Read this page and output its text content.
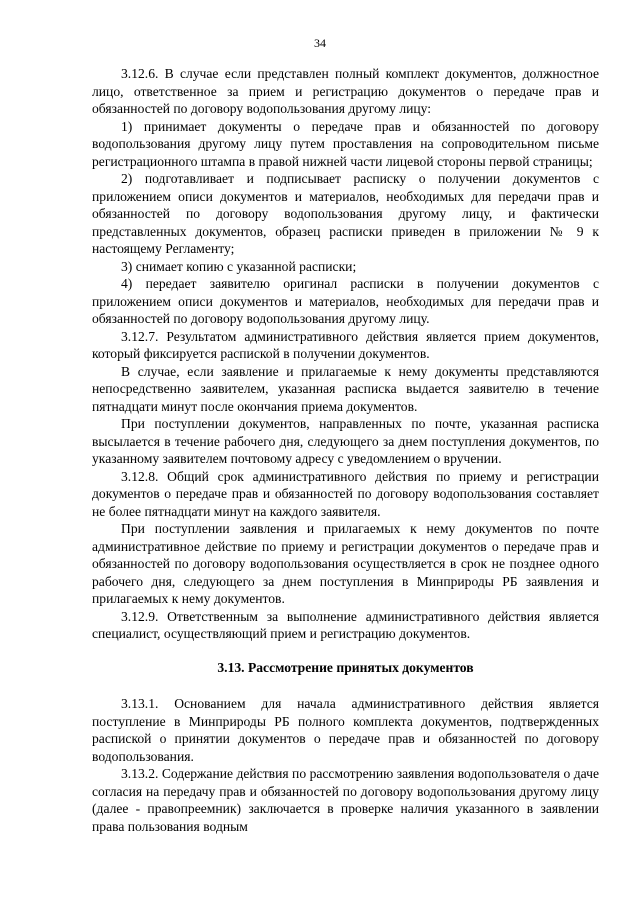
34

3.12.6. В случае если представлен полный комплект документов, должностное лицо, ответственное за прием и регистрацию документов о передаче прав и обязанностей по договору водопользования другому лицу:

1) принимает документы о передаче прав и обязанностей по договору водопользования другому лицу путем проставления на сопроводительном письме регистрационного штампа в правой нижней части лицевой стороны первой страницы;

2) подготавливает и подписывает расписку о получении документов с приложением описи документов и материалов, необходимых для передачи прав и обязанностей по договору водопользования другому лицу, и фактически представленных документов, образец расписки приведен в приложении № 9 к настоящему Регламенту;

3) снимает копию с указанной расписки;

4) передает заявителю оригинал расписки в получении документов с приложением описи документов и материалов, необходимых для передачи прав и обязанностей по договору водопользования другому лицу.

3.12.7. Результатом административного действия является прием документов, который фиксируется распиской в получении документов.

В случае, если заявление и прилагаемые к нему документы представляются непосредственно заявителем, указанная расписка выдается заявителю в течение пятнадцати минут после окончания приема документов.

При поступлении документов, направленных по почте, указанная расписка высылается в течение рабочего дня, следующего за днем поступления документов, по указанному заявителем почтовому адресу с уведомлением о вручении.

3.12.8. Общий срок административного действия по приему и регистрации документов о передаче прав и обязанностей по договору водопользования составляет не более пятнадцати минут на каждого заявителя.

При поступлении заявления и прилагаемых к нему документов по почте административное действие по приему и регистрации документов о передаче прав и обязанностей по договору водопользования осуществляется в срок не позднее одного рабочего дня, следующего за днем поступления в Минприроды РБ заявления и прилагаемых к нему документов.

3.12.9. Ответственным за выполнение административного действия является специалист, осуществляющий прием и регистрацию документов.

3.13. Рассмотрение принятых документов

3.13.1. Основанием для начала административного действия является поступление в Минприроды РБ полного комплекта документов, подтвержденных распиской о принятии документов о передаче прав и обязанностей по договору водопользования.

3.13.2. Содержание действия по рассмотрению заявления водопользователя о даче согласия на передачу прав и обязанностей по договору водопользования другому лицу (далее - правопреемник) заключается в проверке наличия указанного в заявлении права пользования водным
